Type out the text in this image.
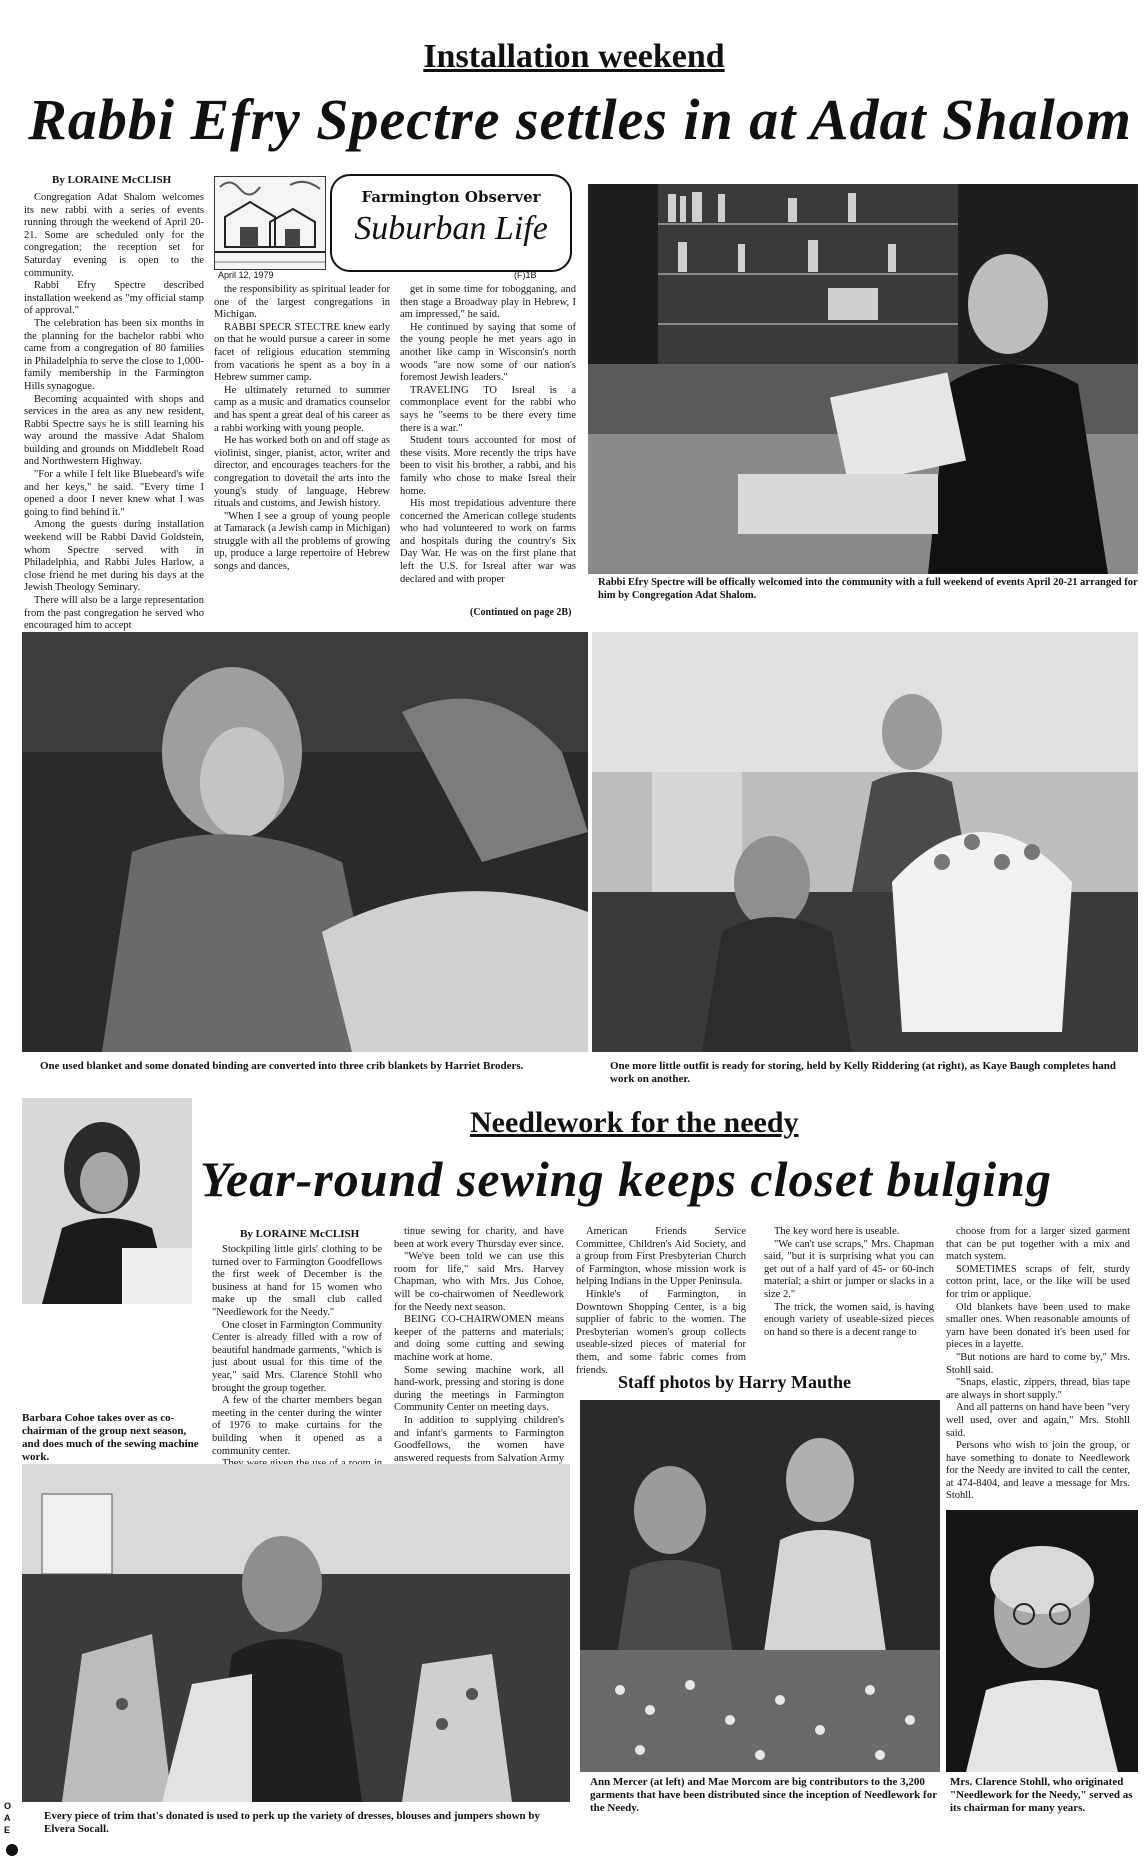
Installation weekend
Rabbi Efry Spectre settles in at Adat Shalom
By LORAINE McCLISH

Congregation Adat Shalom welcomes its new rabbi with a series of events running through the weekend of April 20-21. Some are scheduled only for the congregation; the reception set for Saturday evening is open to the community.

Rabbi Efry Spectre described installation weekend as "my official stamp of approval."

The celebration has been six months in the planning for the bachelor rabbi who came from a congregation of 80 families in Philadelphia to serve the close to 1,000-family membership in the Farmington Hills synagogue.

Becoming acquainted with shops and services in the area as any new resident, Rabbi Spectre says he is still learning his way around the massive Adat Shalom building and grounds on Middlebelt Road and Northwestern Highway.

"For a while I felt like Bluebeard's wife and her keys," he said. "Every time I opened a door I never knew what I was going to find behind it."

Among the guests during installation weekend will be Rabbi David Goldstein, whom Spectre served with in Philadelphia, and Rabbi Jules Harlow, a close friend he met during his days at the Jewish Theology Seminary.

There will also be a large representation from the past congregation he served who encouraged him to accept

Farmington Observer
Suburban Life
April 12, 1979	(F)1B

the responsibility as spiritual leader for one of the largest congregations in Michigan.

RABBI SPECR STECTRE knew early on that he would pursue a career in some facet of religious education stemming from vacations he spent as a boy in a Hebrew summer camp.

He ultimately returned to summer camp as a music and dramatics counselor and has spent a great deal of his career as a rabbi working with young people.

He has worked both on and off stage as violinist, singer, pianist, actor, writer and director, and encourages teachers for the congregation to dovetail the arts into the young's study of language, Hebrew rituals and customs, and Jewish history.

"When I see a group of young people at Tamarack (a Jewish camp in Michigan) struggle with all the problems of growing up, produce a large repertoire of Hebrew songs and dances,

get in some time for tobogganing, and then stage a Broadway play in Hebrew, I am impressed," he said.

He continued by saying that some of the young people he met years ago in another like camp in Wisconsin's north woods "are now some of our nation's foremost Jewish leaders."

TRAVELING TO Isreal is a commonplace event for the rabbi who says he "seems to be there every time there is a war."

Student tours accounted for most of these visits. More recently the trips have been to visit his brother, a rabbi, and his family who chose to make Isreal their home.

His most trepidatious adventure there concerned the American college students who had volunteered to work on farms and hospitals during the country's Six Day War. He was on the first plane that left the U.S. for Isreal after war was declared and with proper

(Continued on page 2B)
Rabbi Efry Spectre will be offically welcomed into the community with a full weekend of events April 20-21 arranged for him by Congregation Adat Shalom.
One used blanket and some donated binding are converted into three crib blankets by Harriet Broders.	One more little outfit is ready for storing, held by Kelly Riddering (at right), as Kaye Baugh completes hand work on another.
Needlework for the needy
Year-round sewing keeps closet bulging
Barbara Cohoe takes over as co-chairman of the group next season, and does much of the sewing machine work.
By LORAINE McCLISH

Stockpiling little girls' clothing to be turned over to Farmington Goodfellows the first week of December is the business at hand for 15 women who make up the small club called "Needlework for the Needy."

One closet in Farmington Community Center is already filled with a row of beautiful handmade garments, "which is just about usual for this time of the year," said Mrs. Clarence Stohll who brought the group together.

A few of the charter members began meeting in the center during the winter of 1976 to make curtains for the building when it opened as a community center.

tinue sewing for charity, and have been at work every Thursday ever since.

"We've been told we can use this room for life," said Mrs. Harvey Chapman, who with Mrs. Jus Cohoe, will be co-chairwomen of Needlework for the Needy next season.

BEING CO-CHAIRWOMEN means keeper of the patterns and materials; and doing some cutting and sewing machine work at home.

Some sewing machine work, all hand-work, pressing and storing is done during the meetings in Farmington Community Center on meeting days.

In addition to supplying children's and infant's garments to Farmington Goodfellows, the women have answered requests from Salvation Army

American Friends Service Committee, Children's Aid Society, and a group from First Presbyterian Church of Farmington, whose mission work is helping Indians in the Upper Peninsula.

Hinkle's of Farmington, in Downtown Shopping Center, is a big supplier of fabric to the women. The Presbyterian women's group collects useable-sized pieces of material for them, and some fabric comes from friends.

The key word here is useable.

"We can't use scraps," Mrs. Chapman said, "but it is surprising what you can get out of a half yard of 45- or 60-inch material; a shirt or jumper or slacks in a size 2."

The trick, the women said, is having enough variety of useable-sized pieces on hand so there is a decent range to

choose from for a larger sized garment that can be put together with a mix and match system.

SOMETIMES scraps of felt, sturdy cotton print, lace, or the like will be used for trim or applique.

Old blankets have been used to make smaller ones. When reasonable amounts of yarn have been donated it's been used for pieces in a layette.

"But notions are hard to come by," Mrs. Stohll said.

"Snaps, elastic, zippers, thread, bias tape are always in short supply."

And all patterns on hand have been "very well used, over and again," Mrs. Stohll said.

Persons who wish to join the group, or have something to donate to Needlework for the Needy are invited to call the center, at 474-8404, and leave a message for Mrs. Stohll.

Staff photos by Harry Mauthe
Every piece of trim that's donated is used to perk up the variety of dresses, blouses and jumpers shown by Elvera Socall.
Ann Mercer (at left) and Mae Morcom are big contributors to the 3,200 garments that have been distributed since the inception of Needlework for the Needy.
Mrs. Clarence Stohll, who originated "Needlework for the Needy," served as its chairman for many years.
OAE
